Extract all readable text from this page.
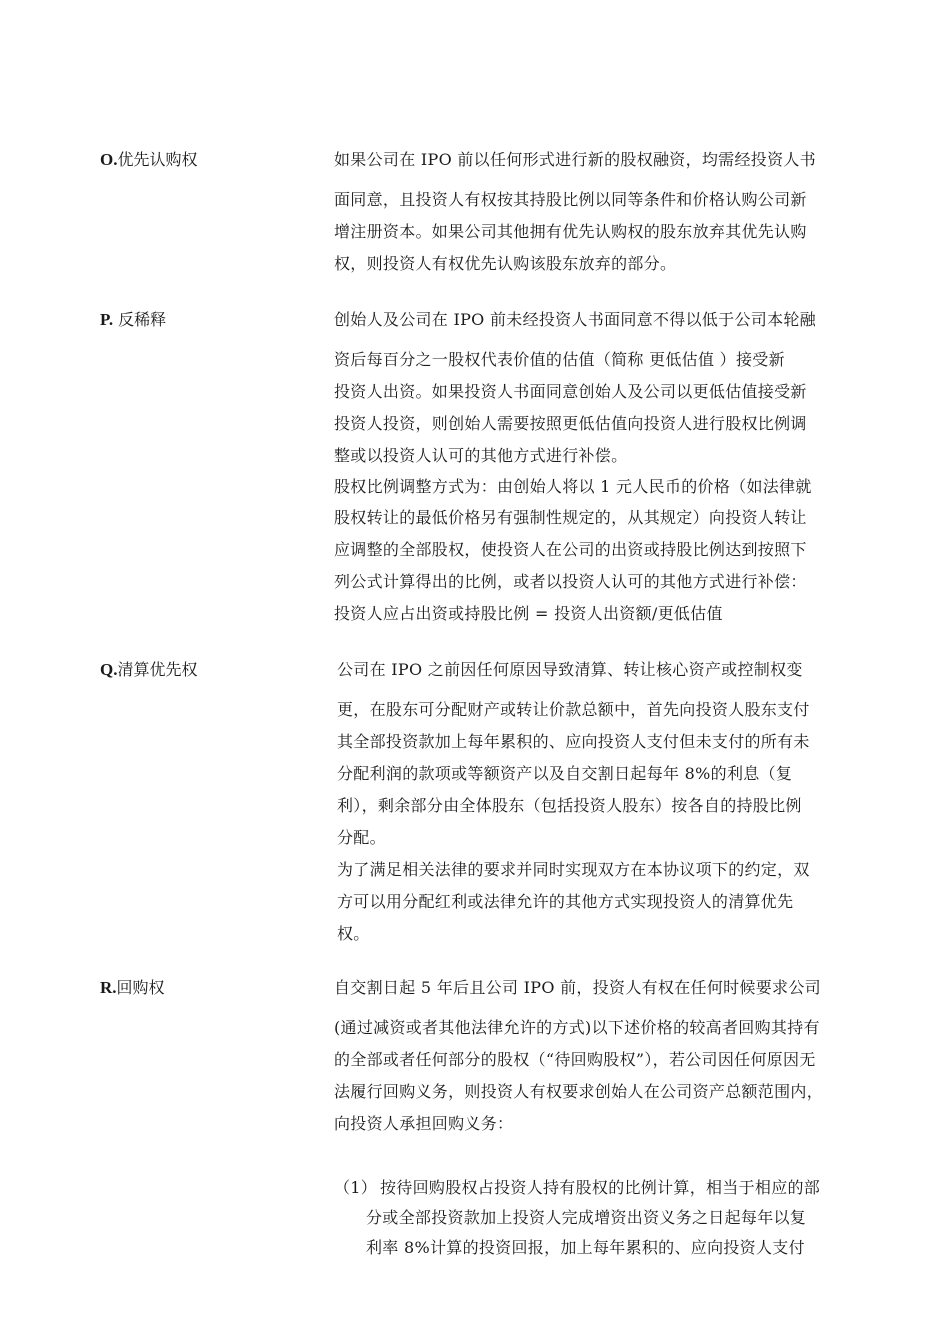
O.优先认购权	如果公司在 IPO 前以任何形式进行新的股权融资，均需经投资人书
面同意，且投资人有权按其持股比例以同等条件和价格认购公司新
增注册资本。如果公司其他拥有优先认购权的股东放弃其优先认购
权，则投资人有权优先认购该股东放弃的部分。
P. 反稀释	创始人及公司在 IPO 前未经投资人书面同意不得以低于公司本轮融
资后每百分之一股权代表价值的估值（简称 更低估值 ）接受新
投资人出资。如果投资人书面同意创始人及公司以更低估值接受新
投资人投资，则创始人需要按照更低估值向投资人进行股权比例调
整或以投资人认可的其他方式进行补偿。
股权比例调整方式为：由创始人将以 1 元人民币的价格（如法律就
股权转让的最低价格另有强制性规定的，从其规定）向投资人转让
应调整的全部股权，使投资人在公司的出资或持股比例达到按照下
列公式计算得出的比例，或者以投资人认可的其他方式进行补偿：
投资人应占出资或持股比例 = 投资人出资额/更低估值
Q.清算优先权	公司在 IPO 之前因任何原因导致清算、转让核心资产或控制权变
更，在股东可分配财产或转让价款总额中，首先向投资人股东支付
其全部投资款加上每年累积的、应向投资人支付但未支付的所有未
分配利润的款项或等额资产以及自交割日起每年 8%的利息（复
利），剩余部分由全体股东（包括投资人股东）按各自的持股比例
分配。
为了满足相关法律的要求并同时实现双方在本协议项下的约定，双
方可以用分配红利或法律允许的其他方式实现投资人的清算优先
权。
R.回购权	自交割日起 5 年后且公司 IPO 前，投资人有权在任何时候要求公司
(通过减资或者其他法律允许的方式)以下述价格的较高者回购其持有
的全部或者任何部分的股权（“待回购股权”），若公司因任何原因无
法履行回购义务，则投资人有权要求创始人在公司资产总额范围内，
向投资人承担回购义务：
（1） 按待回购股权占投资人持有股权的比例计算，相当于相应的部
分或全部投资款加上投资人完成增资出资义务之日起每年以复
利率 8%计算的投资回报，加上每年累积的、应向投资人支付
